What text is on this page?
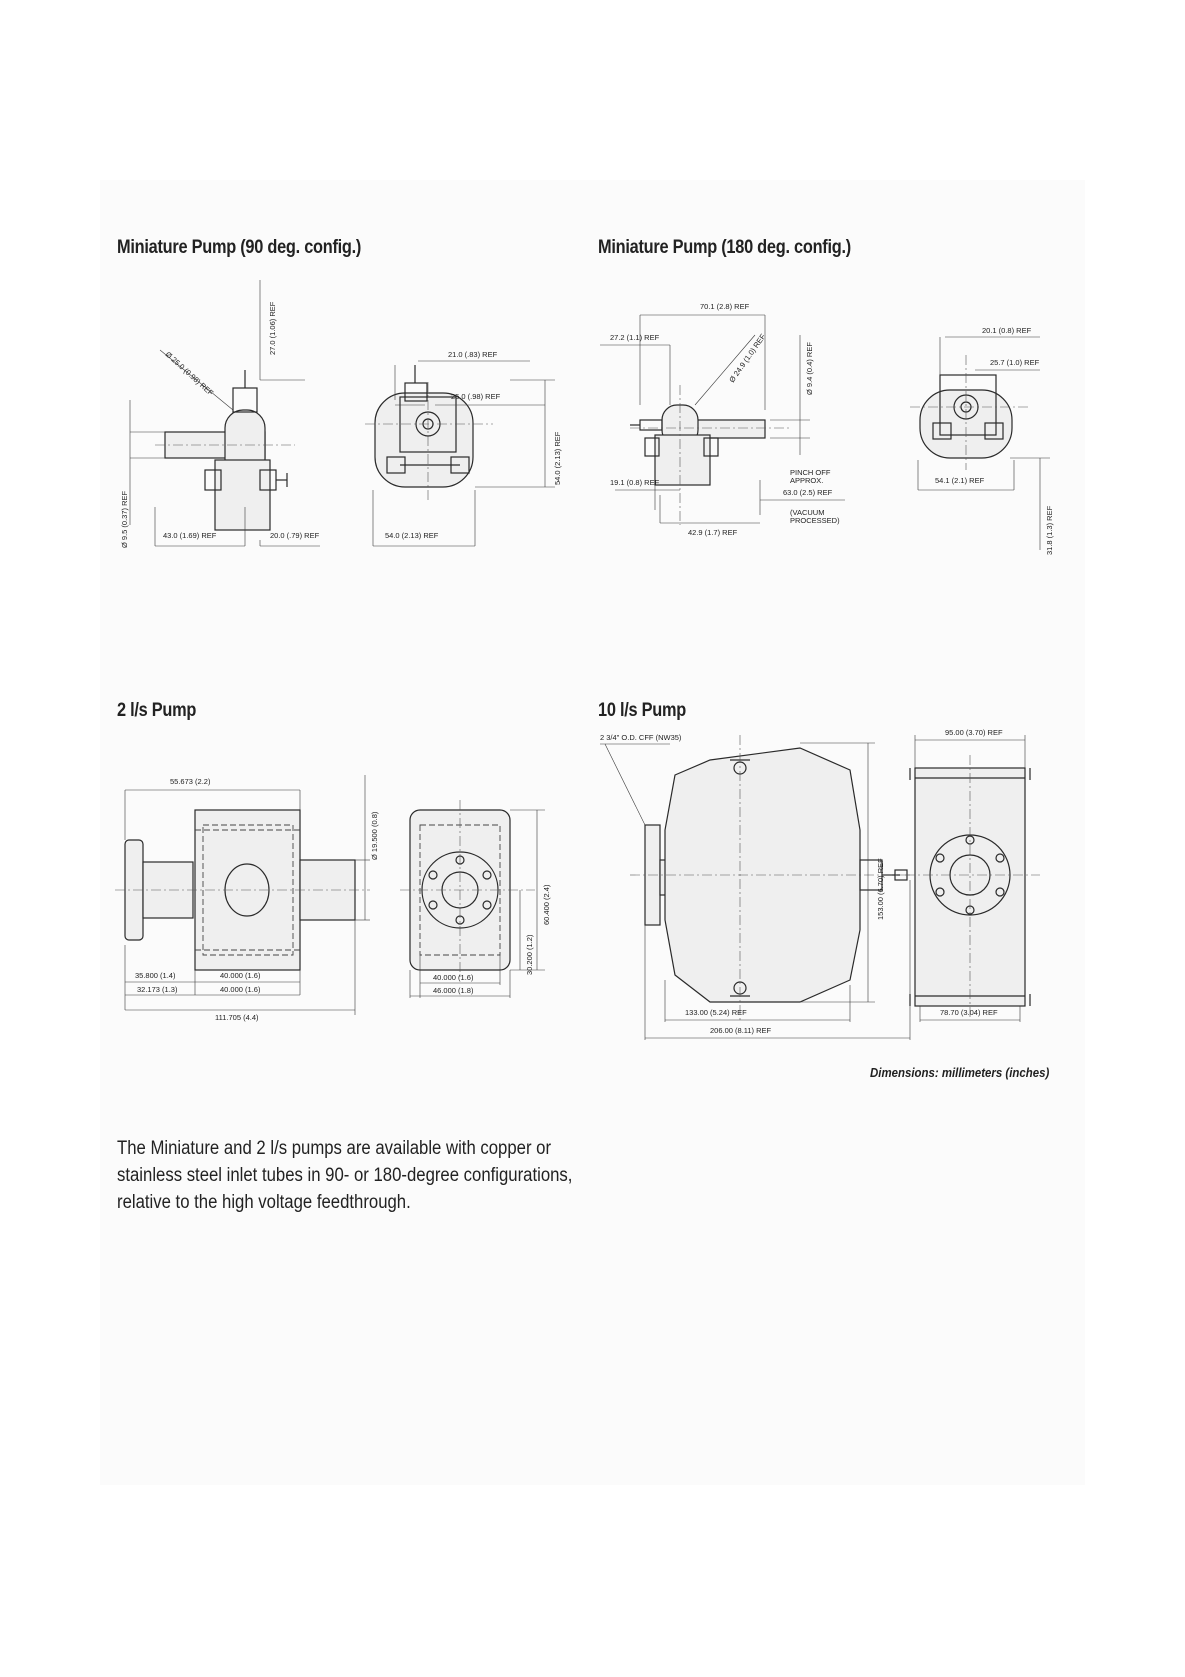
Miniature Pump (90 deg. config.)
27.0 (1.06) REF
Ø 25.0 (0.98) REF
Ø 9.5 (0.37) REF	43.0 (1.69) REF	20.0 (.79) REF
21.0 (.83) REF
25.0 (.98) REF
54.0 (2.13) REF
54.0 (2.13) REF
Miniature Pump (180 deg. config.)
70.1 (2.8) REF
27.2 (1.1) REF	Ø 24.9 (1.0) REF	Ø 9.4 (0.4) REF
19.1 (0.8) REF
PINCH OFF
APPROX.
63.0 (2.5) REF
(VACUUM
PROCESSED)
42.9 (1.7) REF
20.1 (0.8) REF
25.7 (1.0) REF
54.1 (2.1) REF
31.8 (1.3) REF
2 l/s Pump
55.673 (2.2)
Ø 19.500 (0.8)
35.800 (1.4)	40.000 (1.6)
32.173 (1.3)	40.000 (1.6)
111.705 (4.4)
60.400 (2.4)
30.200 (1.2)
40.000 (1.6)
46.000 (1.8)
10 l/s Pump
2 3/4" O.D. CFF (NW35)
153.00 (6.70) REF
133.00 (5.24) REF
206.00 (8.11) REF
95.00 (3.70) REF
78.70 (3.04) REF
Dimensions: millimeters (inches)

The Miniature and 2 l/s pumps are available with copper or stainless steel inlet tubes in 90- or 180-degree configurations, relative to the high voltage feedthrough.
